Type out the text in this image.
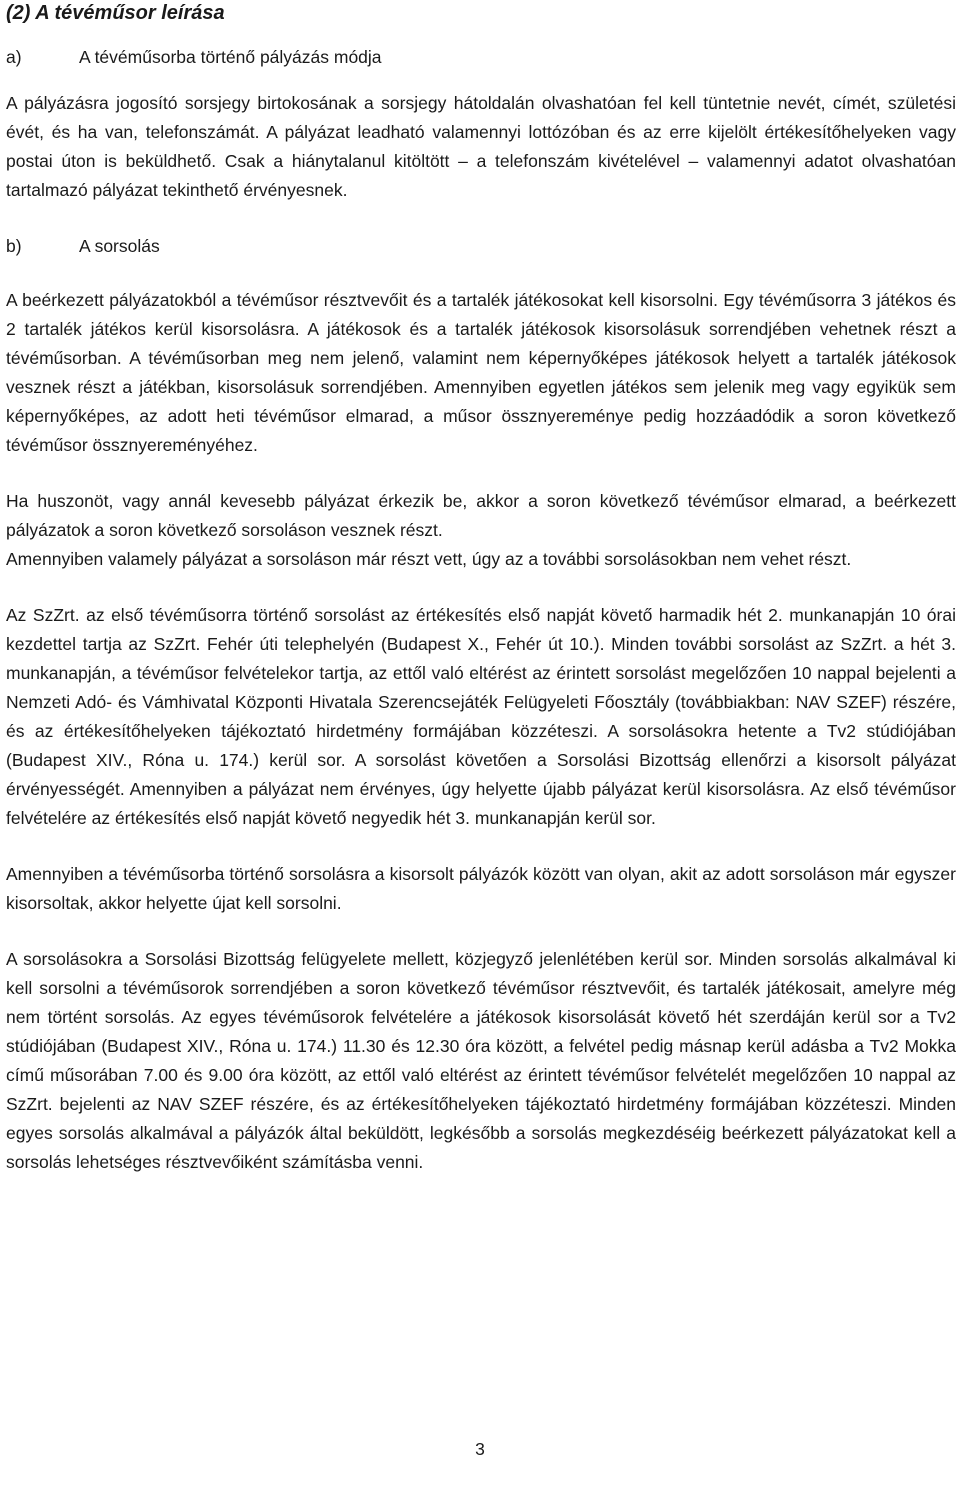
(2) A tévéműsor leírása
a)	A tévéműsorba történő pályázás módja

A pályázásra jogosító sorsjegy birtokosának a sorsjegy hátoldalán olvashatóan fel kell tüntetnie nevét, címét, születési évét, és ha van, telefonszámát. A pályázat leadható valamennyi lottózóban és az erre kijelölt értékesítőhelyeken vagy postai úton is beküldhető. Csak a hiánytalanul kitöltött – a telefonszám kivételével – valamennyi adatot olvashatóan tartalmazó pályázat tekinthető érvényesnek.

b)	A sorsolás

A beérkezett pályázatokból a tévéműsor résztvevőit és a tartalék játékosokat kell kisorsolni. Egy tévéműsorra 3 játékos és 2 tartalék játékos kerül kisorsolásra. A játékosok és a tartalék játékosok kisorsolásuk sorrendjében vehetnek részt a tévéműsorban. A tévéműsorban meg nem jelenő, valamint nem képernyőképes játékosok helyett a tartalék játékosok vesznek részt a játékban, kisorsolásuk sorrendjében. Amennyiben egyetlen játékos sem jelenik meg vagy egyikük sem képernyőképes, az adott heti tévéműsor elmarad, a műsor össznyereménye pedig hozzáadódik a soron következő tévéműsor össznyereményéhez.

Ha huszonöt, vagy annál kevesebb pályázat érkezik be, akkor a soron következő tévéműsor elmarad, a beérkezett pályázatok a soron következő sorsoláson vesznek részt.

Amennyiben valamely pályázat a sorsoláson már részt vett, úgy az a további sorsolásokban nem vehet részt.

Az SzZrt. az első tévéműsorra történő sorsolást az értékesítés első napját követő harmadik hét 2. munkanapján 10 órai kezdettel tartja az SzZrt. Fehér úti telephelyén (Budapest X., Fehér út 10.). Minden további sorsolást az SzZrt. a hét 3. munkanapján, a tévéműsor felvételekor tartja, az ettől való eltérést az érintett sorsolást megelőzően 10 nappal bejelenti a Nemzeti Adó- és Vámhivatal Központi Hivatala Szerencsejáték Felügyeleti Főosztály (továbbiakban: NAV SZEF) részére, és az értékesítőhelyeken tájékoztató hirdetmény formájában közzéteszi. A sorsolásokra hetente a Tv2 stúdiójában (Budapest XIV., Róna u. 174.) kerül sor. A sorsolást követően a Sorsolási Bizottság ellenőrzi a kisorsolt pályázat érvényességét. Amennyiben a pályázat nem érvényes, úgy helyette újabb pályázat kerül kisorsolásra. Az első tévéműsor felvételére az értékesítés első napját követő negyedik hét 3. munkanapján kerül sor.

Amennyiben a tévéműsorba történő sorsolásra a kisorsolt pályázók között van olyan, akit az adott sorsoláson már egyszer kisorsoltak, akkor helyette újat kell sorsolni.

A sorsolásokra a Sorsolási Bizottság felügyelete mellett, közjegyző jelenlétében kerül sor. Minden sorsolás alkalmával ki kell sorsolni a tévéműsorok sorrendjében a soron következő tévéműsor résztvevőit, és tartalék játékosait, amelyre még nem történt sorsolás. Az egyes tévéműsorok felvételére a játékosok kisorsolását követő hét szerdáján kerül sor a Tv2 stúdiójában (Budapest XIV., Róna u. 174.) 11.30 és 12.30 óra között, a felvétel pedig másnap kerül adásba a Tv2 Mokka című műsorában 7.00 és 9.00 óra között, az ettől való eltérést az érintett tévéműsor felvételét megelőzően 10 nappal az SzZrt. bejelenti az NAV SZEF részére, és az értékesítőhelyeken tájékoztató hirdetmény formájában közzéteszi. Minden egyes sorsolás alkalmával a pályázók által beküldött, legkésőbb a sorsolás megkezdéséig beérkezett pályázatokat kell a sorsolás lehetséges résztvevőiként számításba venni.

3
